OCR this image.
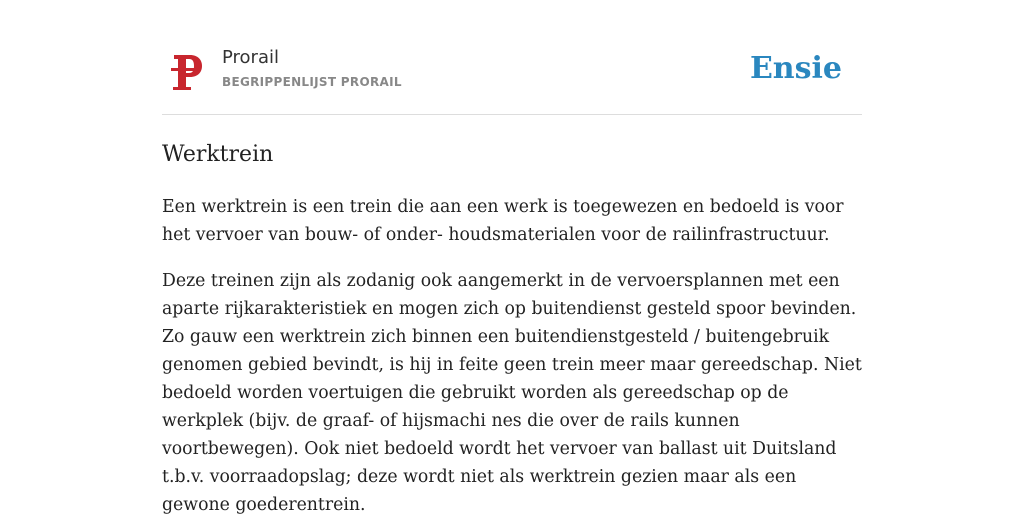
Prorail
BEGRIPPENLIJST PRORAIL	Ensie
Werktrein

Een werktrein is een trein die aan een werk is toegewezen en bedoeld is voor het vervoer van bouw- of onder- houdsmaterialen voor de railinfrastructuur.

Deze treinen zijn als zodanig ook aangemerkt in de vervoersplannen met een aparte rijkarakteristiek en mogen zich op buitendienst gesteld spoor bevinden. Zo gauw een werktrein zich binnen een buitendienstgesteld / buitengebruik genomen gebied bevindt, is hij in feite geen trein meer maar gereedschap. Niet bedoeld worden voertuigen die gebruikt worden als gereedschap op de werkplek (bijv. de graaf- of hijsmachi nes die over de rails kunnen voortbewegen). Ook niet bedoeld wordt het vervoer van ballast uit Duitsland t.b.v. voorraadopslag; deze wordt niet als werktrein gezien maar als een gewone goederentrein.
